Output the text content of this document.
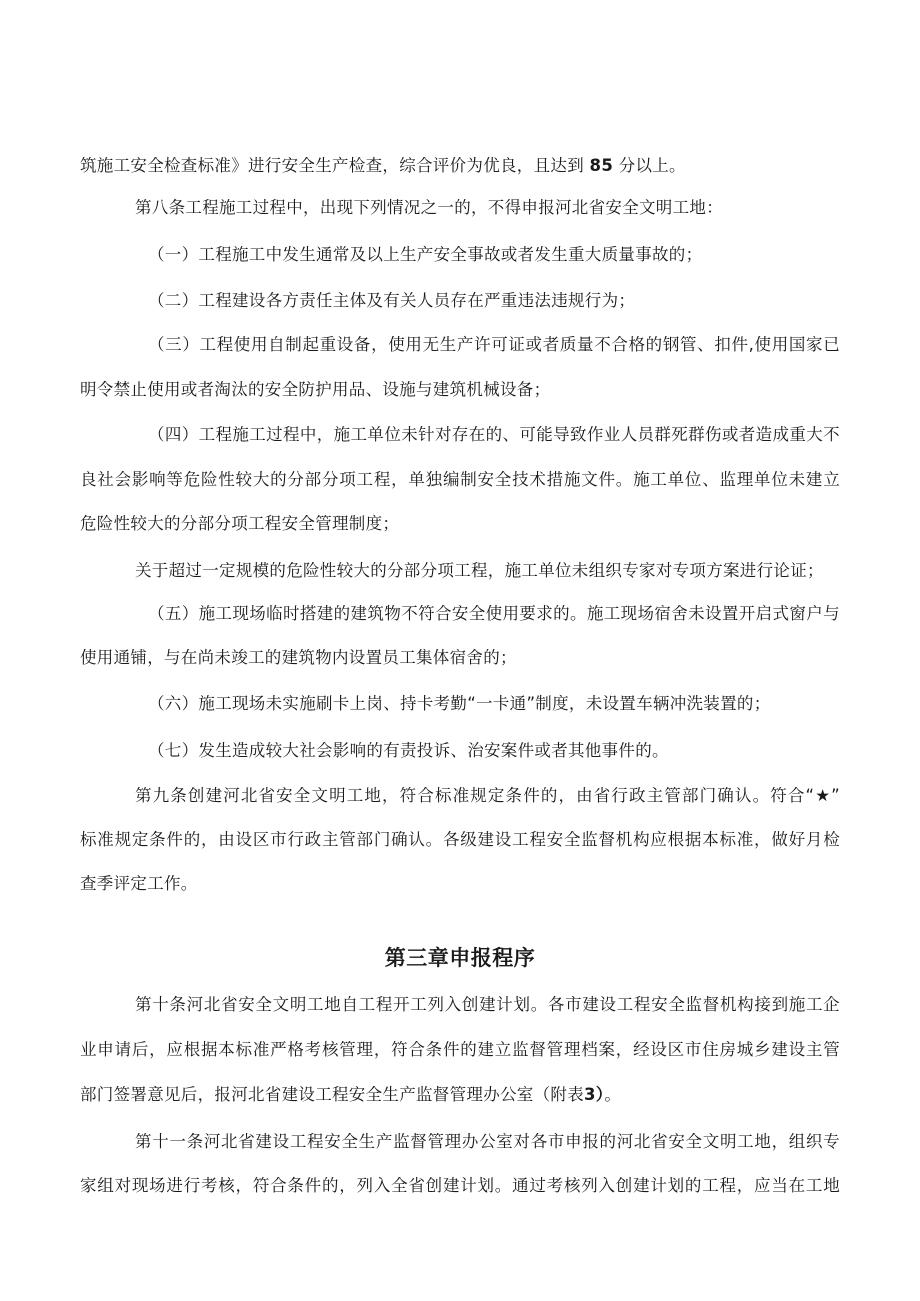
筑施工安全检查标准》进行安全生产检查，综合评价为优良，且达到 85 分以上。
第八条工程施工过程中，出现下列情况之一的，不得申报河北省安全文明工地：
（一）工程施工中发生通常及以上生产安全事故或者发生重大质量事故的；
（二）工程建设各方责任主体及有关人员存在严重违法违规行为；
（三）工程使用自制起重设备，使用无生产许可证或者质量不合格的钢管、扣件,使用国家已
明令禁止使用或者淘汰的安全防护用品、设施与建筑机械设备；
（四）工程施工过程中，施工单位未针对存在的、可能导致作业人员群死群伤或者造成重大不
良社会影响等危险性较大的分部分项工程，单独编制安全技术措施文件。施工单位、监理单位未建立
危险性较大的分部分项工程安全管理制度；
关于超过一定规模的危险性较大的分部分项工程，施工单位未组织专家对专项方案进行论证；
（五）施工现场临时搭建的建筑物不符合安全使用要求的。施工现场宿舍未设置开启式窗户与
使用通铺，与在尚未竣工的建筑物内设置员工集体宿舍的；
（六）施工现场未实施刷卡上岗、持卡考勤“一卡通”制度，未设置车辆冲洗装置的；
（七）发生造成较大社会影响的有责投诉、治安案件或者其他事件的。
第九条创建河北省安全文明工地，符合标准规定条件的，由省行政主管部门确认。符合“★”
标准规定条件的，由设区市行政主管部门确认。各级建设工程安全监督机构应根据本标准，做好月检
查季评定工作。
第三章申报程序
第十条河北省安全文明工地自工程开工列入创建计划。各市建设工程安全监督机构接到施工企
业申请后，应根据本标准严格考核管理，符合条件的建立监督管理档案，经设区市住房城乡建设主管
部门签署意见后，报河北省建设工程安全生产监督管理办公室（附表3）。
第十一条河北省建设工程安全生产监督管理办公室对各市申报的河北省安全文明工地，组织专
家组对现场进行考核，符合条件的，列入全省创建计划。通过考核列入创建计划的工程，应当在工地
